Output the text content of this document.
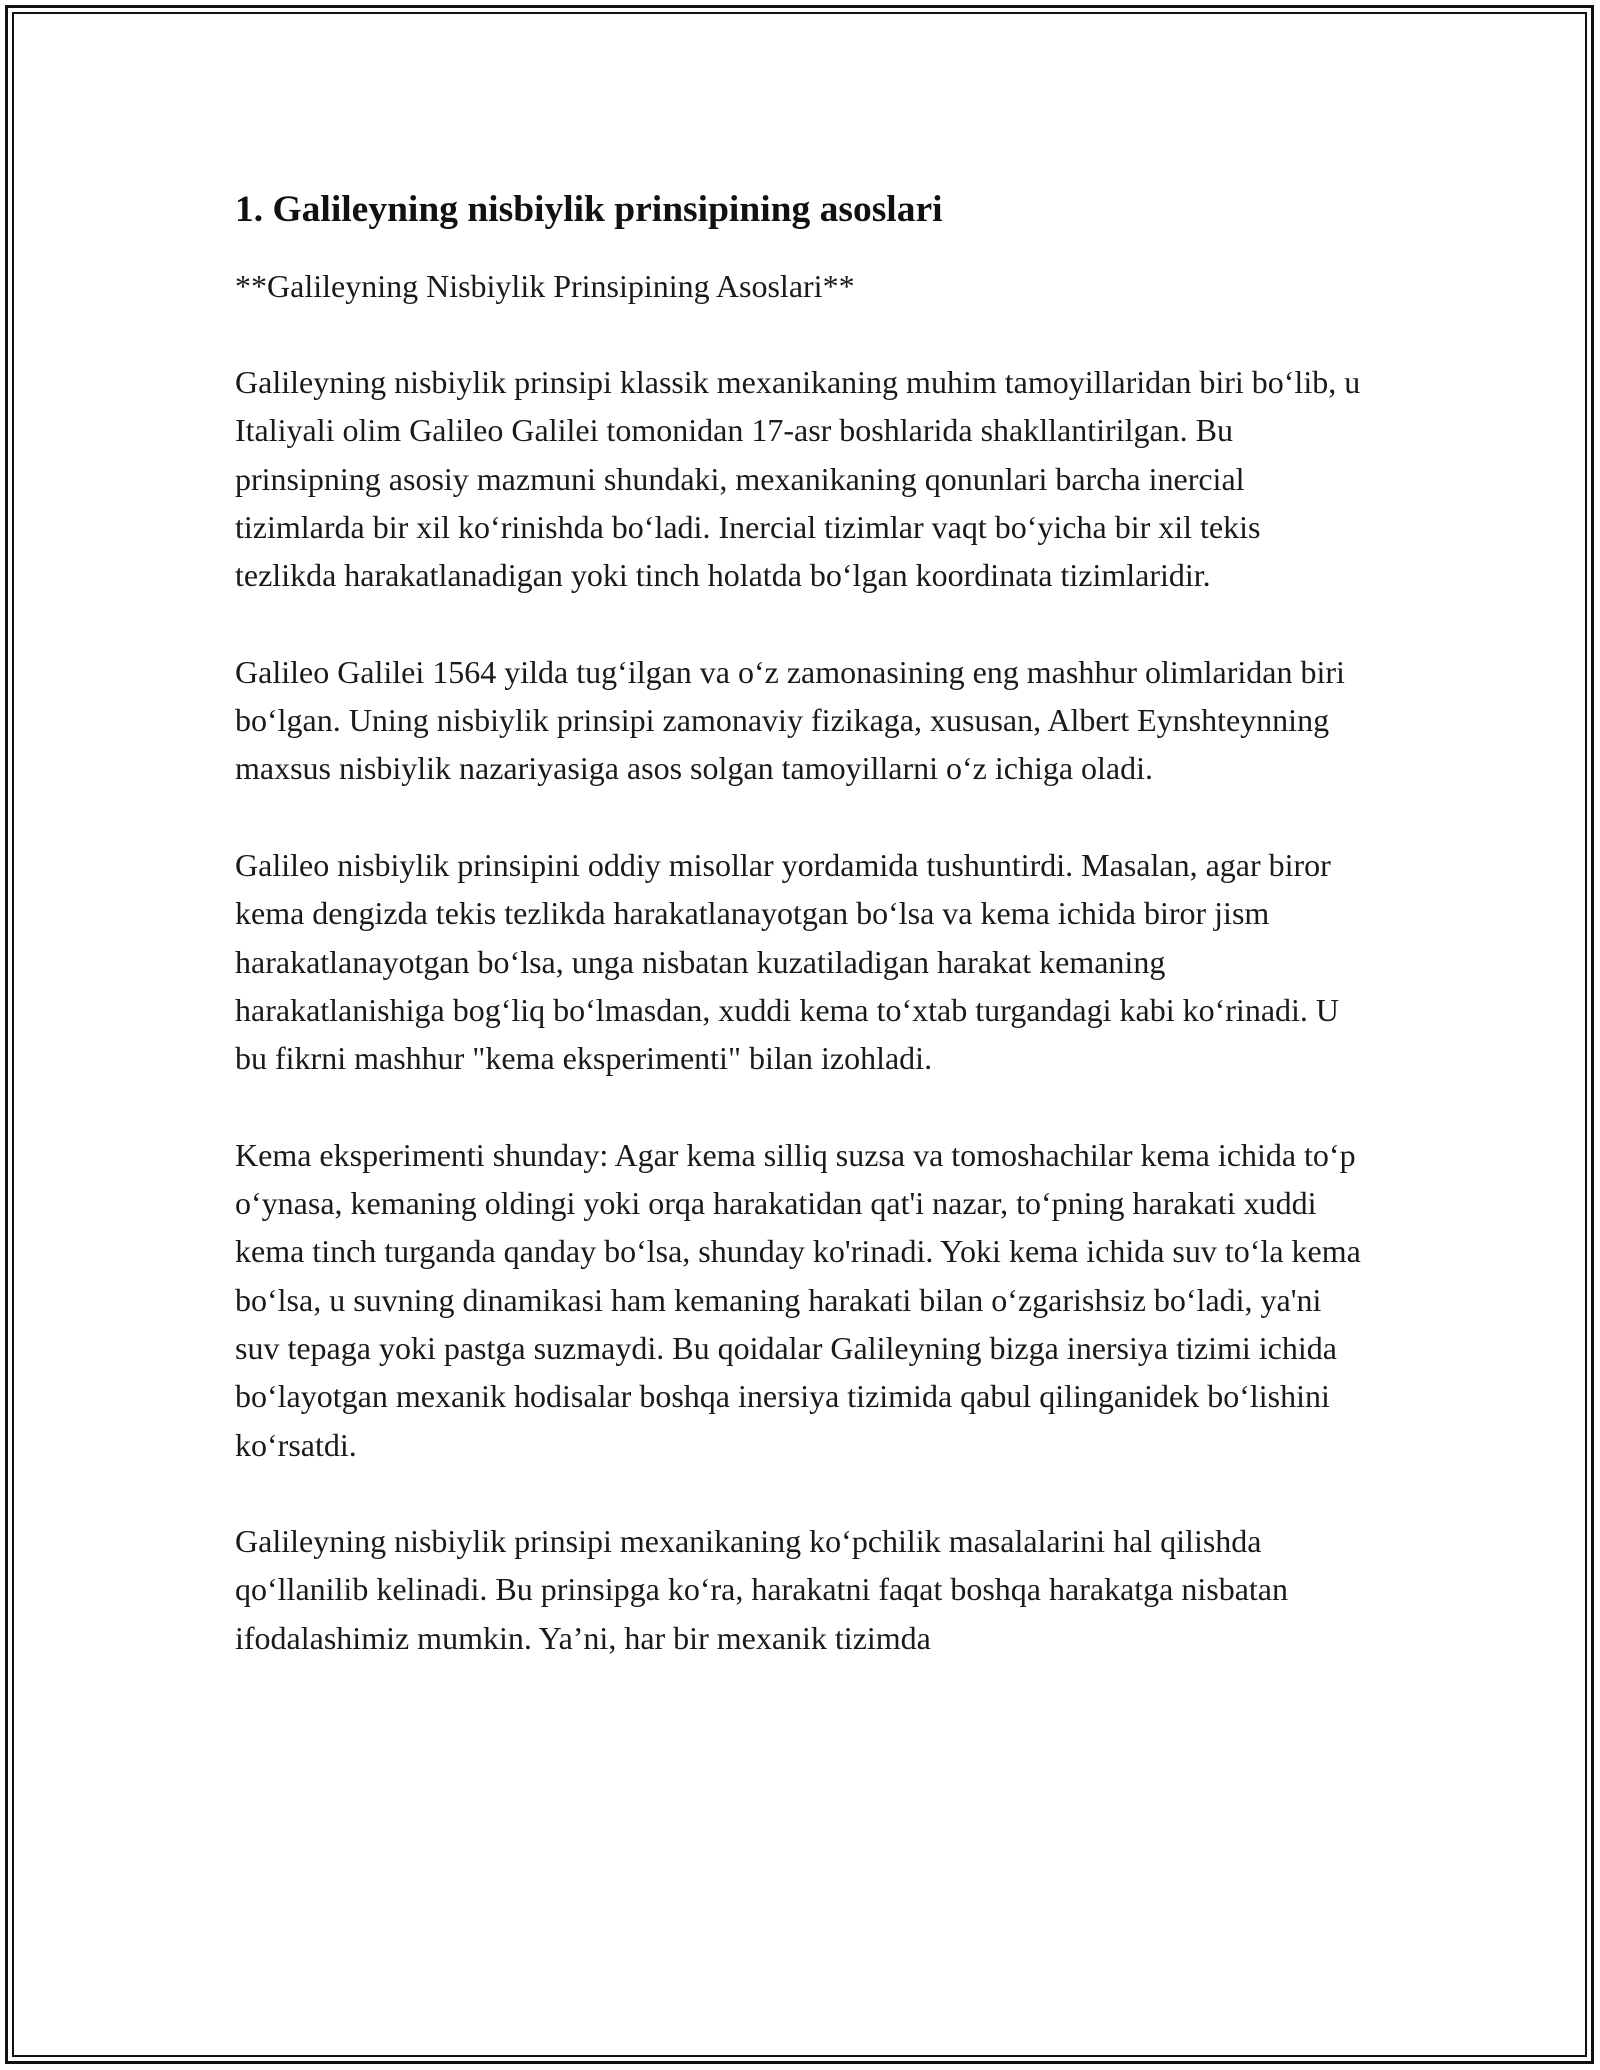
1. Galileyning nisbiylik prinsipining asoslari

**Galileyning Nisbiylik Prinsipining Asoslari**

Galileyning nisbiylik prinsipi klassik mexanikaning muhim tamoyillaridan biri bo‘lib, u Italiyali olim Galileo Galilei tomonidan 17-asr boshlarida shakllantirilgan. Bu prinsipning asosiy mazmuni shundaki, mexanikaning qonunlari barcha inercial tizimlarda bir xil ko‘rinishda bo‘ladi. Inercial tizimlar vaqt bo‘yicha bir xil tekis tezlikda harakatlanadigan yoki tinch holatda bo‘lgan koordinata tizimlaridir.

Galileo Galilei 1564 yilda tug‘ilgan va o‘z zamonasining eng mashhur olimlaridan biri bo‘lgan. Uning nisbiylik prinsipi zamonaviy fizikaga, xususan, Albert Eynshteynning maxsus nisbiylik nazariyasiga asos solgan tamoyillarni o‘z ichiga oladi.

Galileo nisbiylik prinsipini oddiy misollar yordamida tushuntirdi. Masalan, agar biror kema dengizda tekis tezlikda harakatlanayotgan bo‘lsa va kema ichida biror jism harakatlanayotgan bo‘lsa, unga nisbatan kuzatiladigan harakat kemaning harakatlanishiga bog‘liq bo‘lmasdan, xuddi kema to‘xtab turgandagi kabi ko‘rinadi. U bu fikrni mashhur "kema eksperimenti" bilan izohladi.

Kema eksperimenti shunday: Agar kema silliq suzsa va tomoshachilar kema ichida to‘p o‘ynasa, kemaning oldingi yoki orqa harakatidan qat'i nazar, to‘pning harakati xuddi kema tinch turganda qanday bo‘lsa, shunday ko'rinadi. Yoki kema ichida suv to‘la kema bo‘lsa, u suvning dinamikasi ham kemaning harakati bilan o‘zgarishsiz bo‘ladi, ya'ni suv tepaga yoki pastga suzmaydi. Bu qoidalar Galileyning bizga inersiya tizimi ichida bo‘layotgan mexanik hodisalar boshqa inersiya tizimida qabul qilinganidek bo‘lishini ko‘rsatdi.

Galileyning nisbiylik prinsipi mexanikaning ko‘pchilik masalalarini hal qilishda qo‘llanilib kelinadi. Bu prinsipga ko‘ra, harakatni faqat boshqa harakatga nisbatan ifodalashimiz mumkin. Ya’ni, har bir mexanik tizimda
